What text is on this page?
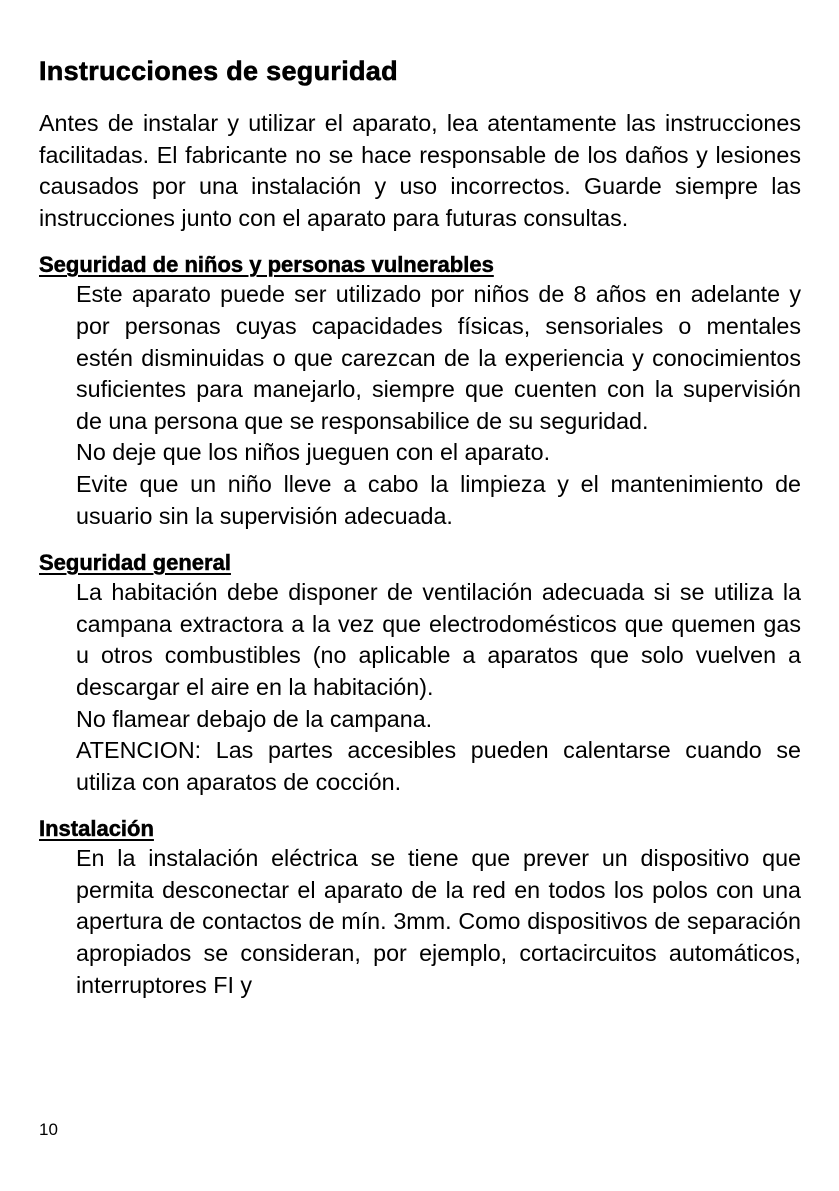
Instrucciones de seguridad

Antes de instalar y utilizar el aparato, lea atentamente las instrucciones facilitadas. El fabricante no se hace responsable de los daños y lesiones causados por una instalación y uso incorrectos. Guarde siempre las instrucciones junto con el aparato para futuras consultas.

Seguridad de niños y personas vulnerables

Este aparato puede ser utilizado por niños de 8 años en adelante y por personas cuyas capacidades físicas, sensoriales o mentales estén disminuidas o que carezcan de la experiencia y conocimientos suficientes para manejarlo, siempre que cuenten con la supervisión de una persona que se responsabilice de su seguridad.

No deje que los niños jueguen con el aparato.

Evite que un niño lleve a cabo la limpieza y el mantenimiento de usuario sin la supervisión adecuada.

Seguridad general

La habitación debe disponer de ventilación adecuada si se utiliza la campana extractora a la vez que electrodomésticos que quemen gas u otros combustibles (no aplicable a aparatos que solo vuelven a descargar el aire en la habitación).

No flamear debajo de la campana.

ATENCION: Las partes accesibles pueden calentarse cuando se utiliza con aparatos de cocción.

Instalación

En la instalación eléctrica se tiene que prever un dispositivo que permita desconectar el aparato de la red en todos los polos con una apertura de contactos de mín. 3mm. Como dispositivos de separación apropiados se consideran, por ejemplo, cortacircuitos automáticos, interruptores FI y

10
